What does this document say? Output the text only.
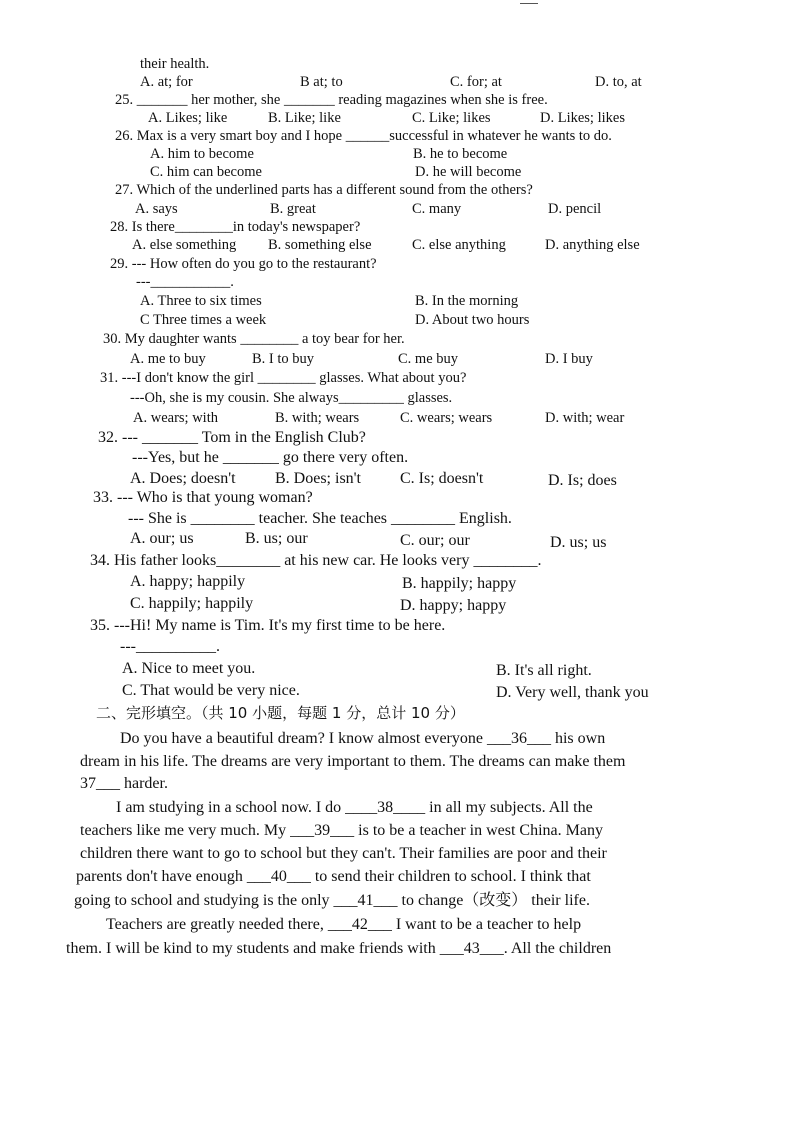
their health.
A. at; for	B at; to	C. for; at	D. to, at
25. _______ her mother, she _______ reading magazines when she is free.
A. Likes; like	B. Like; like	C. Like; likes	D. Likes; likes
26. Max is a very smart boy and I hope ______successful in whatever he wants to do.
A. him to become	B. he to become
C. him can become	D. he will become
27. Which of the underlined parts has a different sound from the others?
A. says	B. great	C. many	D. pencil
28. Is there________in today's newspaper?
A. else something B. something else	C. else anything	D. anything else
29. --- How often do you go to the restaurant?
---___________.
A. Three to six times	B. In the morning
C Three times a week	D. About two hours
30. My daughter wants ________ a toy bear for her.
A. me to buy	B. I to buy	C. me buy	D. I buy
31. ---I don't know the girl ________ glasses. What about you?
---Oh, she is my cousin. She always_________ glasses.
A. wears; with	B. with; wears	C. wears; wears	D. with; wear
32. --- _______ Tom in the English Club?
---Yes, but he _______ go there very often.
A. Does; doesn't B. Does; isn't C. Is; doesn't	D. Is; does
33. --- Who is that young woman?
--- She is ________ teacher. She teaches ________ English.
A. our; us	B. us; our	C. our; our	D. us; us
34. His father looks________ at his new car. He looks very ________.
A. happy; happily	B. happily; happy
C. happily; happily	D. happy; happy
35. ---Hi! My name is Tim. It's my first time to be here.
---__________.
A. Nice to meet you.	B. It's all right.
C. That would be very nice.	D. Very well, thank you
二、完形填空。（共 10 小题，每题 1 分，总计 10 分）
Do you have a beautiful dream? I know almost everyone ___36___ his own
dream in his life. The dreams are very important to them. The dreams can make them
37___ harder.
I am studying in a school now. I do ____38____ in all my subjects. All the
teachers like me very much. My ___39___ is to be a teacher in west China. Many
children there want to go to school but they can't. Their families are poor and their
parents don't have enough ___40___ to send their children to school. I think that
going to school and studying is the only ___41___ to change（改变） their life.
Teachers are greatly needed there, ___42___ I want to be a teacher to help
them. I will be kind to my students and make friends with ___43___. All the children
